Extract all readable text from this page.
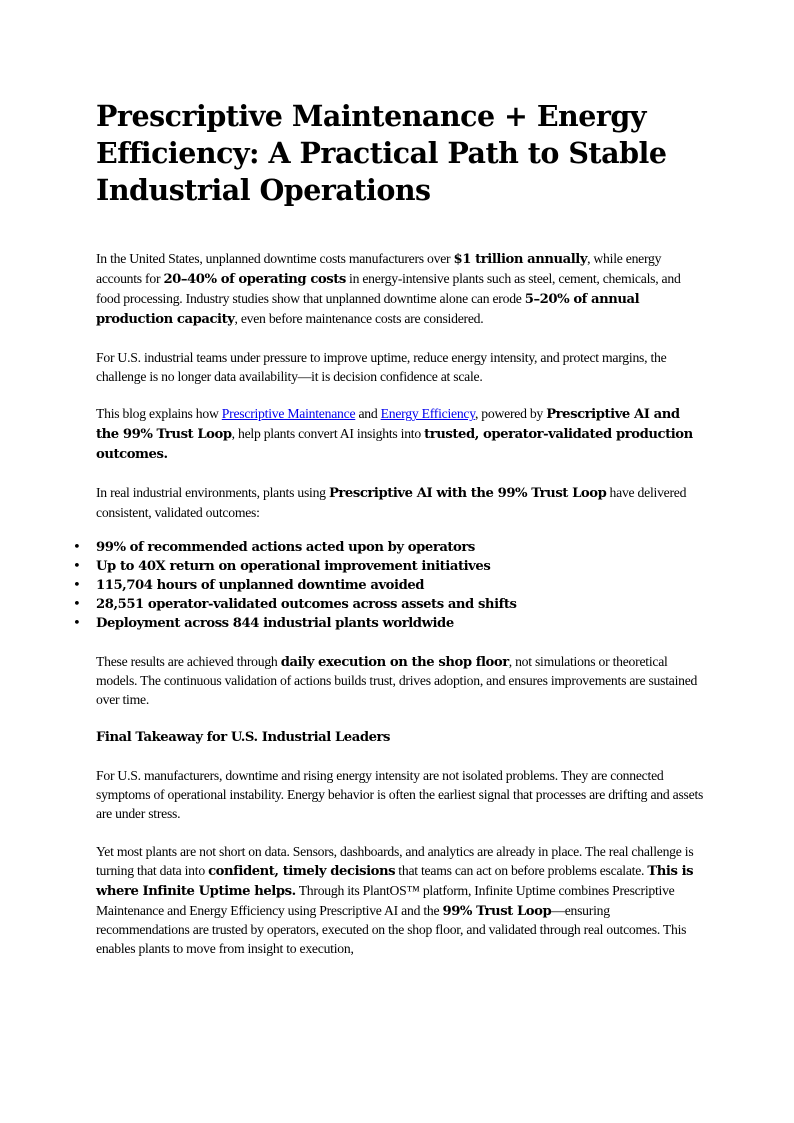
Prescriptive Maintenance + Energy Efficiency: A Practical Path to Stable Industrial Operations

In the United States, unplanned downtime costs manufacturers over $1 trillion annually, while energy accounts for 20–40% of operating costs in energy-intensive plants such as steel, cement, chemicals, and food processing. Industry studies show that unplanned downtime alone can erode 5–20% of annual production capacity, even before maintenance costs are considered.

For U.S. industrial teams under pressure to improve uptime, reduce energy intensity, and protect margins, the challenge is no longer data availability—it is decision confidence at scale.

This blog explains how Prescriptive Maintenance and Energy Efficiency, powered by Prescriptive AI and the 99% Trust Loop, help plants convert AI insights into trusted, operator-validated production outcomes.

In real industrial environments, plants using Prescriptive AI with the 99% Trust Loop have delivered consistent, validated outcomes:

• 99% of recommended actions acted upon by operators
• Up to 40X return on operational improvement initiatives
• 115,704 hours of unplanned downtime avoided
• 28,551 operator-validated outcomes across assets and shifts
• Deployment across 844 industrial plants worldwide

These results are achieved through daily execution on the shop floor, not simulations or theoretical models. The continuous validation of actions builds trust, drives adoption, and ensures improvements are sustained over time.

Final Takeaway for U.S. Industrial Leaders

For U.S. manufacturers, downtime and rising energy intensity are not isolated problems. They are connected symptoms of operational instability. Energy behavior is often the earliest signal that processes are drifting and assets are under stress.

Yet most plants are not short on data. Sensors, dashboards, and analytics are already in place. The real challenge is turning that data into confident, timely decisions that teams can act on before problems escalate. This is where Infinite Uptime helps. Through its PlantOS™ platform, Infinite Uptime combines Prescriptive Maintenance and Energy Efficiency using Prescriptive AI and the 99% Trust Loop—ensuring recommendations are trusted by operators, executed on the shop floor, and validated through real outcomes. This enables plants to move from insight to execution,
